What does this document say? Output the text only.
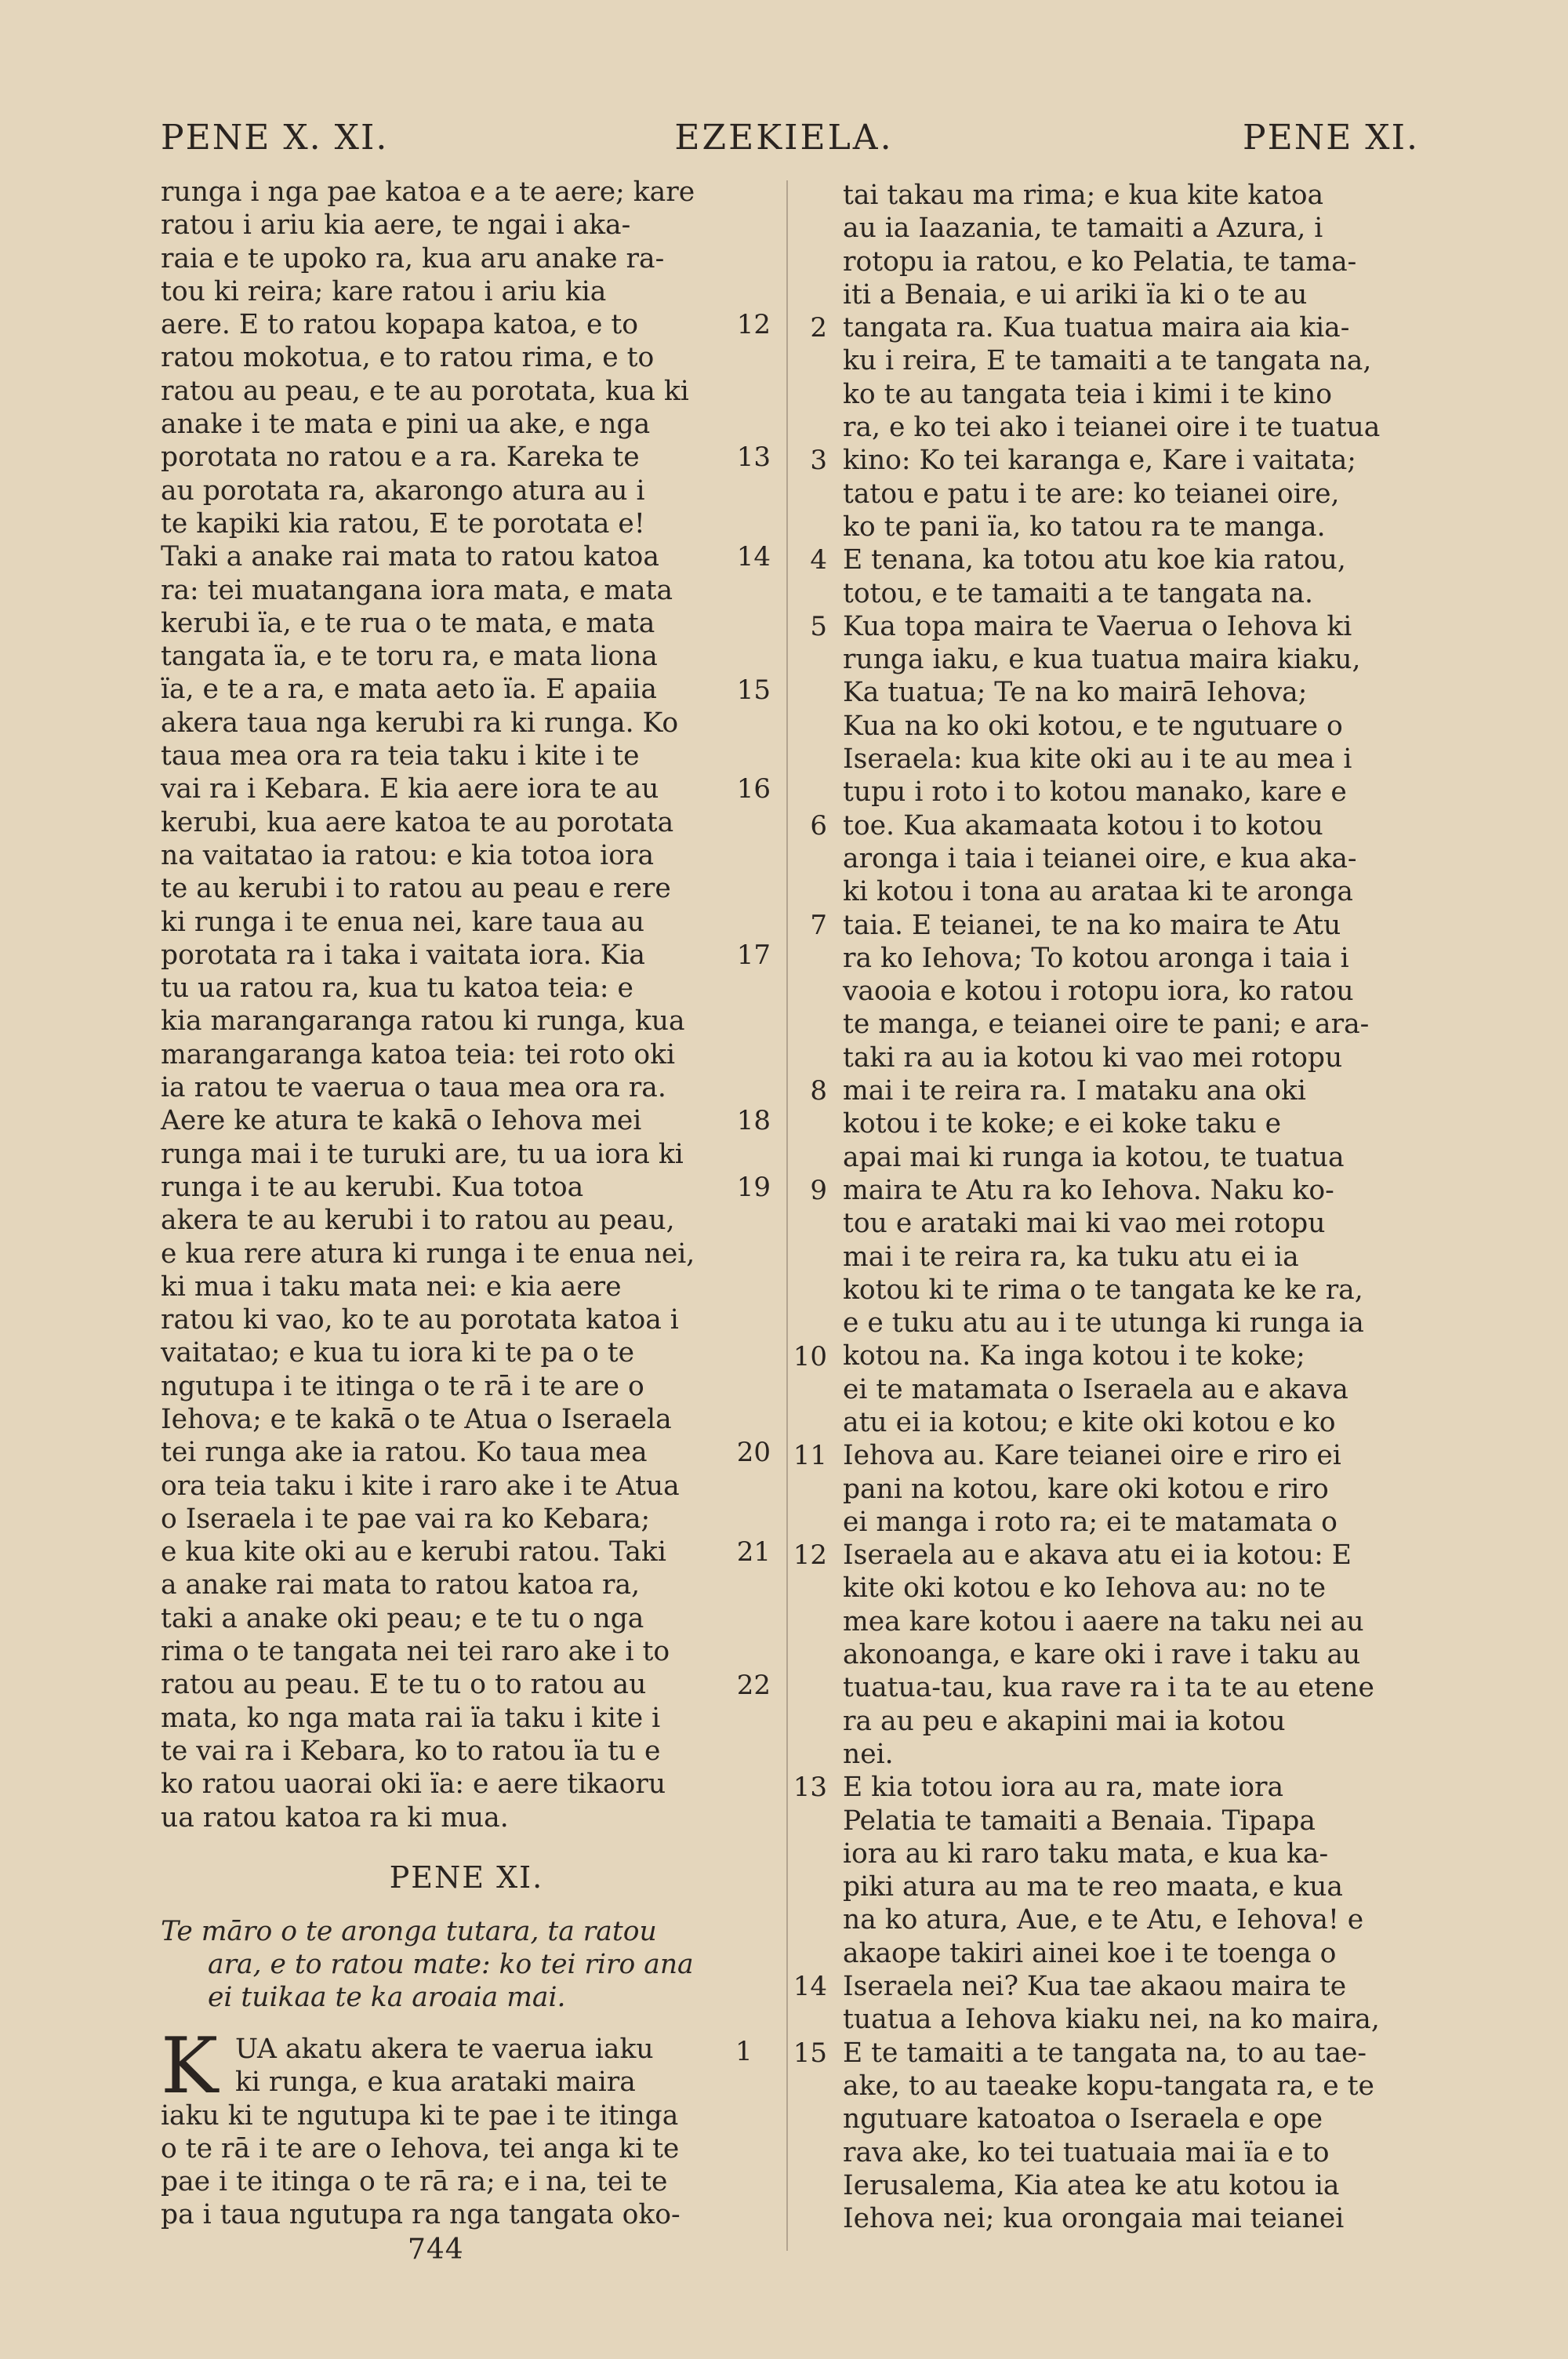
PENE X. XI.	EZEKIELA.	PENE XI.
runga i nga pae katoa e a te aere; kare
ratou i ariu kia aere, te ngai i aka-
raia e te upoko ra, kua aru anake ra-
tou ki reira; kare ratou i ariu kia
aere. E to ratou kopapa katoa, e to
ratou mokotua, e to ratou rima, e to
ratou au peau, e te au porotata, kua ki
anake i te mata e pini ua ake, e nga
porotata no ratou e a ra. Kareka te
au porotata ra, akarongo atura au i
te kapiki kia ratou, E te porotata e!
Taki a anake rai mata to ratou katoa
ra: tei muatangana iora mata, e mata
kerubi ïa, e te rua o te mata, e mata
tangata ïa, e te toru ra, e mata liona
ïa, e te a ra, e mata aeto ïa. E apaiia
akera taua nga kerubi ra ki runga. Ko
taua mea ora ra teia taku i kite i te
vai ra i Kebara. E kia aere iora te au
kerubi, kua aere katoa te au porotata
na vaitatao ia ratou: e kia totoa iora
te au kerubi i to ratou au peau e rere
ki runga i te enua nei, kare taua au
porotata ra i taka i vaitata iora. Kia
tu ua ratou ra, kua tu katoa teia: e
kia marangaranga ratou ki runga, kua
marangaranga katoa teia: tei roto oki
ia ratou te vaerua o taua mea ora ra.
Aere ke atura te kakā o Iehova mei
runga mai i te turuki are, tu ua iora ki
runga i te au kerubi. Kua totoa
akera te au kerubi i to ratou au peau,
e kua rere atura ki runga i te enua nei,
ki mua i taku mata nei: e kia aere
ratou ki vao, ko te au porotata katoa i
vaitatao; e kua tu iora ki te pa o te
ngutupa i te itinga o te rā i te are o
Iehova; e te kakā o te Atua o Iseraela
tei runga ake ia ratou. Ko taua mea
ora teia taku i kite i raro ake i te Atua
o Iseraela i te pae vai ra ko Kebara;
e kua kite oki au e kerubi ratou. Taki
a anake rai mata to ratou katoa ra,
taki a anake oki peau; e te tu o nga
rima o te tangata nei tei raro ake i to
ratou au peau. E te tu o to ratou au
mata, ko nga mata rai ïa taku i kite i
te vai ra i Kebara, ko to ratou ïa tu e
ko ratou uaorai oki ïa: e aere tikaoru
ua ratou katoa ra ki mua.
12
13
14
15
16
17
18
19
20
21
22
PENE XI.
Te māro o te aronga tutara, ta ratou
ara, e to ratou mate: ko tei riro ana
ei tuikaa te ka aroaia mai.
K	1
UA akatu akera te vaerua iaku
ki runga, e kua arataki maira
iaku ki te ngutupa ki te pae i te itinga
o te rā i te are o Iehova, tei anga ki te
pae i te itinga o te rā ra; e i na, tei te
pa i taua ngutupa ra nga tangata oko-
744
tai takau ma rima; e kua kite katoa
au ia Iaazania, te tamaiti a Azura, i
rotopu ia ratou, e ko Pelatia, te tama-
iti a Benaia, e ui ariki ïa ki o te au
tangata ra. Kua tuatua maira aia kia-
ku i reira, E te tamaiti a te tangata na,
ko te au tangata teia i kimi i te kino
ra, e ko tei ako i teianei oire i te tuatua
kino: Ko tei karanga e, Kare i vaitata;
tatou e patu i te are: ko teianei oire,
ko te pani ïa, ko tatou ra te manga.
E tenana, ka totou atu koe kia ratou,
totou, e te tamaiti a te tangata na.
Kua topa maira te Vaerua o Iehova ki
runga iaku, e kua tuatua maira kiaku,
Ka tuatua; Te na ko mairā Iehova;
Kua na ko oki kotou, e te ngutuare o
Iseraela: kua kite oki au i te au mea i
tupu i roto i to kotou manako, kare e
toe. Kua akamaata kotou i to kotou
aronga i taia i teianei oire, e kua aka-
ki kotou i tona au arataa ki te aronga
taia. E teianei, te na ko maira te Atu
ra ko Iehova; To kotou aronga i taia i
vaooia e kotou i rotopu iora, ko ratou
te manga, e teianei oire te pani; e ara-
taki ra au ia kotou ki vao mei rotopu
mai i te reira ra. I mataku ana oki
kotou i te koke; e ei koke taku e
apai mai ki runga ia kotou, te tuatua
maira te Atu ra ko Iehova. Naku ko-
tou e arataki mai ki vao mei rotopu
mai i te reira ra, ka tuku atu ei ia
kotou ki te rima o te tangata ke ke ra,
e e tuku atu au i te utunga ki runga ia
kotou na. Ka inga kotou i te koke;
ei te matamata o Iseraela au e akava
atu ei ia kotou; e kite oki kotou e ko
Iehova au. Kare teianei oire e riro ei
pani na kotou, kare oki kotou e riro
ei manga i roto ra; ei te matamata o
Iseraela au e akava atu ei ia kotou: E
kite oki kotou e ko Iehova au: no te
mea kare kotou i aaere na taku nei au
akonoanga, e kare oki i rave i taku au
tuatua-tau, kua rave ra i ta te au etene
ra au peu e akapini mai ia kotou
nei.
E kia totou iora au ra, mate iora
Pelatia te tamaiti a Benaia. Tipapa
iora au ki raro taku mata, e kua ka-
piki atura au ma te reo maata, e kua
na ko atura, Aue, e te Atu, e Iehova! e
akaope takiri ainei koe i te toenga o
Iseraela nei? Kua tae akaou maira te
tuatua a Iehova kiaku nei, na ko maira,
E te tamaiti a te tangata na, to au tae-
ake, to au taeake kopu-tangata ra, e te
ngutuare katoatoa o Iseraela e ope
rava ake, ko tei tuatuaia mai ïa e to
Ierusalema, Kia atea ke atu kotou ia
Iehova nei; kua orongaia mai teianei
2
3
4
5
6
7
8
9
10
11
12
13
14
15
